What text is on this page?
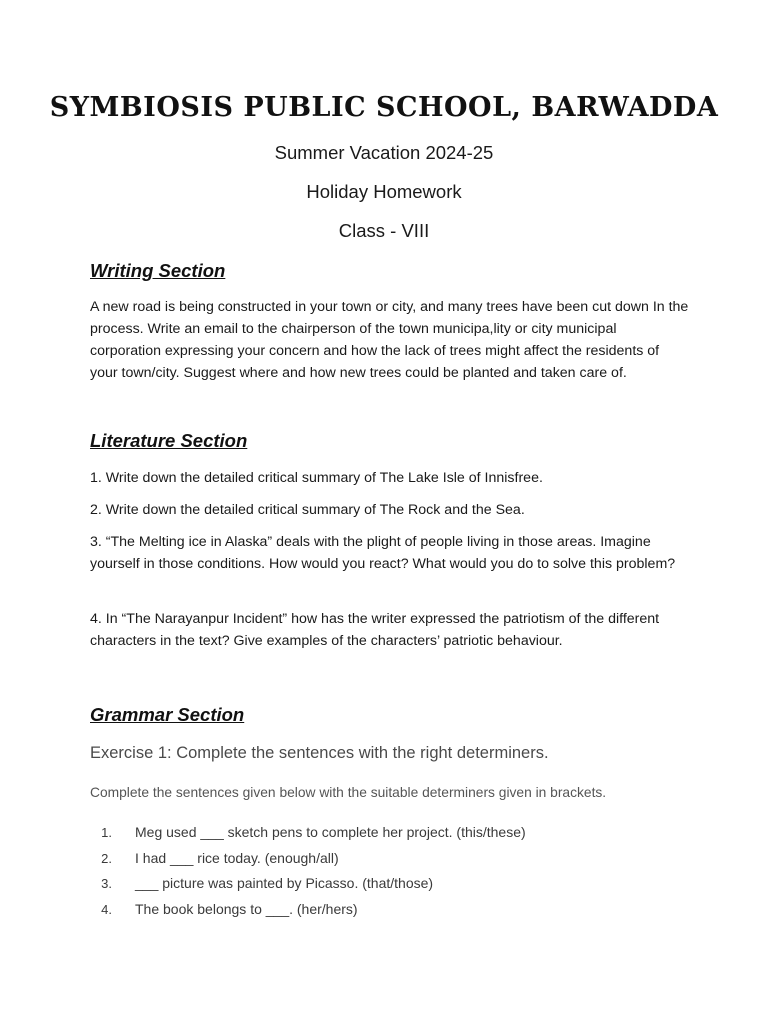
SYMBIOSIS PUBLIC SCHOOL, BARWADDA

Summer Vacation 2024-25

Holiday Homework

Class - VIII

Writing Section

A new road is being constructed in your town or city, and many trees have been cut down In the process. Write an email to the chairperson of the town municipa,lity or city municipal corporation expressing your concern and how the lack of trees might affect the residents of your town/city. Suggest where and how new trees could be planted and taken care of.

Literature Section

1. Write down the detailed critical summary of The Lake Isle of Innisfree.

2. Write down the detailed critical summary of The Rock and the Sea.

3. “The Melting ice in Alaska” deals with the plight of people living in those areas. Imagine yourself in those conditions. How would you react? What would you do to solve this problem?

4. In “The Narayanpur Incident” how has the writer expressed the patriotism of the different characters in the text? Give examples of the characters’ patriotic behaviour.

Grammar Section

Exercise 1: Complete the sentences with the right determiners.

Complete the sentences given below with the suitable determiners given in brackets.

1. Meg used ___ sketch pens to complete her project. (this/these)
2. I had ___ rice today. (enough/all)
3. ___ picture was painted by Picasso. (that/those)
4. The book belongs to ___. (her/hers)
